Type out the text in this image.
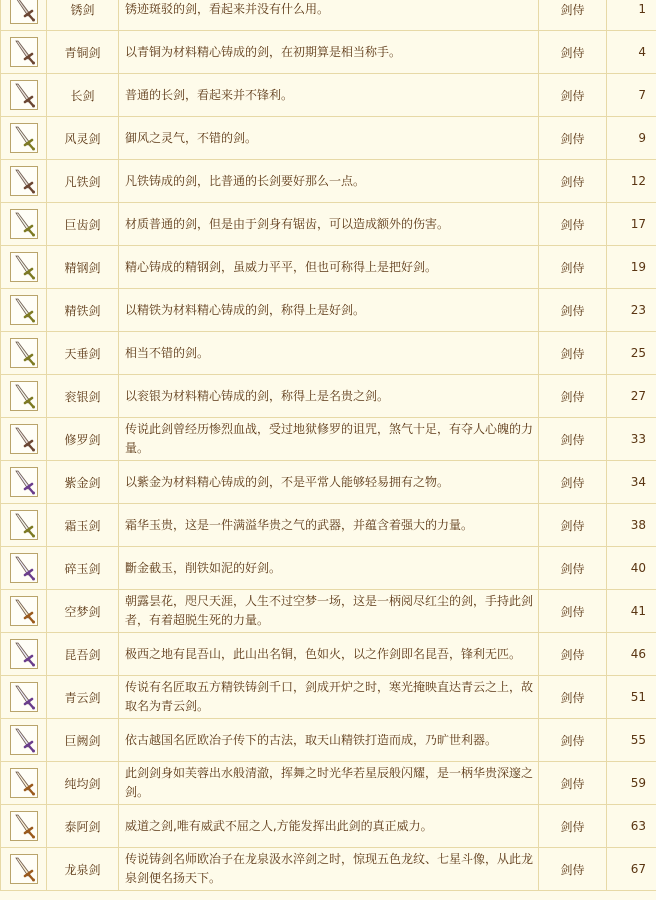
	锈剑	锈迹斑驳的剑，看起来并没有什么用。	剑侍	1

	青铜剑	以青铜为材料精心铸成的剑，在初期算是相当称手。	剑侍	4

	长剑	普通的长剑，看起来并不锋利。	剑侍	7

	风灵剑	御风之灵气，不错的剑。	剑侍	9

	凡铁剑	凡铁铸成的剑，比普通的长剑要好那么一点。	剑侍	12

	巨齿剑	材质普通的剑，但是由于剑身有锯齿，可以造成额外的伤害。	剑侍	17

	精钢剑	精心铸成的精钢剑，虽威力平平，但也可称得上是把好剑。	剑侍	19

	精铁剑	以精铁为材料精心铸成的剑，称得上是好剑。	剑侍	23

	天垂剑	相当不错的剑。	剑侍	25

	衮银剑	以衮银为材料精心铸成的剑，称得上是名贵之剑。	剑侍	27

	修罗剑	传说此剑曾经历惨烈血战，受过地狱修罗的诅咒，煞气十足，有夺人心魄的力量。	剑侍	33

	紫金剑	以紫金为材料精心铸成的剑，不是平常人能够轻易拥有之物。	剑侍	34

	霜玉剑	霜华玉贵，这是一件满溢华贵之气的武器，并蕴含着强大的力量。	剑侍	38

	碎玉剑	斷金截玉，削铁如泥的好剑。	剑侍	40

	空梦剑	朝露昙花，咫尺天涯，人生不过空梦一场，这是一柄阅尽红尘的剑，手持此剑者，有着超脱生死的力量。	剑侍	41

	昆吾剑	极西之地有昆吾山，此山出名铜，色如火，以之作剑即名昆吾，锋利无匹。	剑侍	46

	青云剑	传说有名匠取五方精铁铸剑千口，剑成开炉之时，寒光掩映直达青云之上，故取名为青云剑。	剑侍	51

	巨阙剑	依古越国名匠欧冶子传下的古法，取天山精铁打造而成，乃旷世利器。	剑侍	55

	纯均剑	此剑剑身如芙蓉出水般清澈，挥舞之时光华若星辰般闪耀，是一柄华贵深邃之剑。	剑侍	59

	泰阿剑	威道之剑,唯有威武不屈之人,方能发挥出此剑的真正威力。	剑侍	63

	龙泉剑	传说铸剑名师欧冶子在龙泉汲水淬剑之时，惊现五色龙纹、七星斗像，从此龙泉剑便名扬天下。	剑侍	67
